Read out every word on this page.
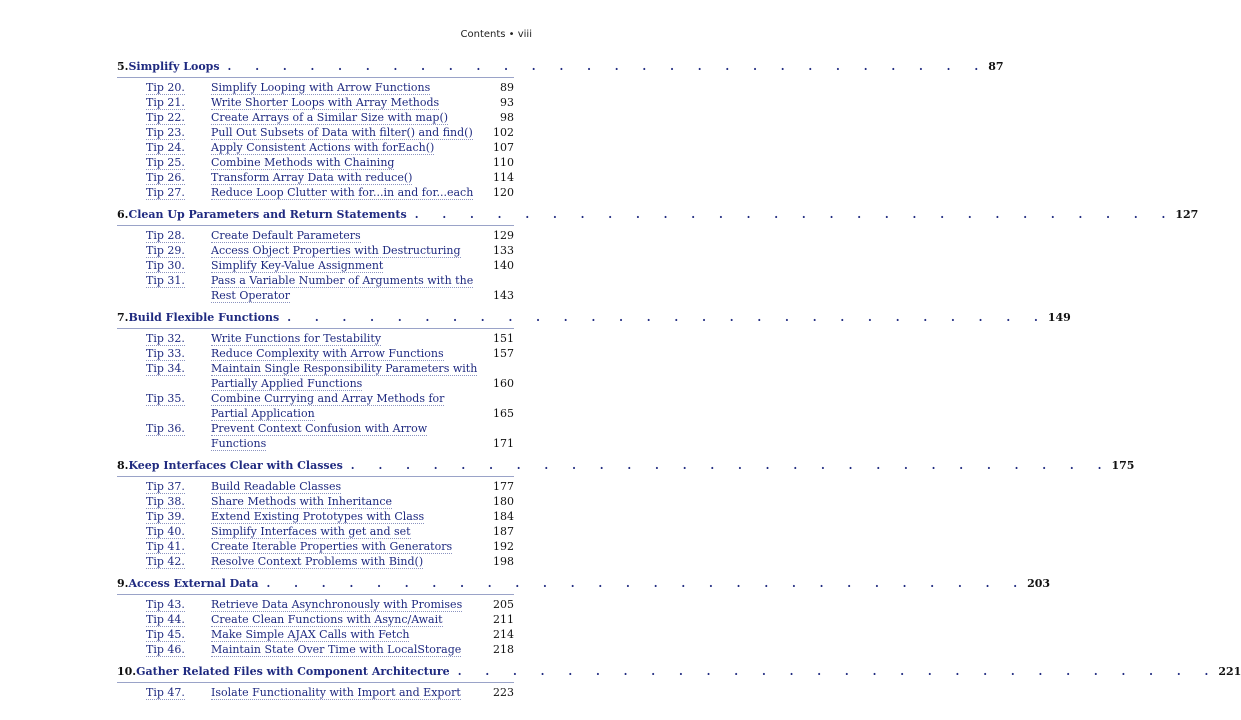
Contents • viii
5. Simplify Loops . . . . . . . . . . . . . . . . . . . . . . . . . . . . 87
Tip 20.	Simplify Looping with Arrow Functions	89
Tip 21.	Write Shorter Loops with Array Methods	93
Tip 22.	Create Arrays of a Similar Size with map()	98
Tip 23.	Pull Out Subsets of Data with filter() and find()	102
Tip 24.	Apply Consistent Actions with forEach()	107
Tip 25.	Combine Methods with Chaining	110
Tip 26.	Transform Array Data with reduce()	114
Tip 27.	Reduce Loop Clutter with for...in and for...each	120
6. Clean Up Parameters and Return Statements . . . . . . . . . . . . . . . . . . . . . . . . . . . . 127
Tip 28.	Create Default Parameters	129
Tip 29.	Access Object Properties with Destructuring	133
Tip 30.	Simplify Key-Value Assignment	140
Tip 31.	Pass a Variable Number of Arguments with the Rest Operator	143
7. Build Flexible Functions . . . . . . . . . . . . . . . . . . . . . . . . . . . . 149
Tip 32.	Write Functions for Testability	151
Tip 33.	Reduce Complexity with Arrow Functions	157
Tip 34.	Maintain Single Responsibility Parameters with Partially Applied Functions	160
Tip 35.	Combine Currying and Array Methods for Partial Application	165
Tip 36.	Prevent Context Confusion with Arrow Functions	171
8. Keep Interfaces Clear with Classes . . . . . . . . . . . . . . . . . . . . . . . . . . . . 175
Tip 37.	Build Readable Classes	177
Tip 38.	Share Methods with Inheritance	180
Tip 39.	Extend Existing Prototypes with Class	184
Tip 40.	Simplify Interfaces with get and set	187
Tip 41.	Create Iterable Properties with Generators	192
Tip 42.	Resolve Context Problems with Bind()	198
9. Access External Data . . . . . . . . . . . . . . . . . . . . . . . . . . . . 203
Tip 43.	Retrieve Data Asynchronously with Promises	205
Tip 44.	Create Clean Functions with Async/Await	211
Tip 45.	Make Simple AJAX Calls with Fetch	214
Tip 46.	Maintain State Over Time with LocalStorage	218
10. Gather Related Files with Component Architecture . . . . . . . . . . . . . . . . . . . . . . . . . . . . 221
Tip 47.	Isolate Functionality with Import and Export	223
